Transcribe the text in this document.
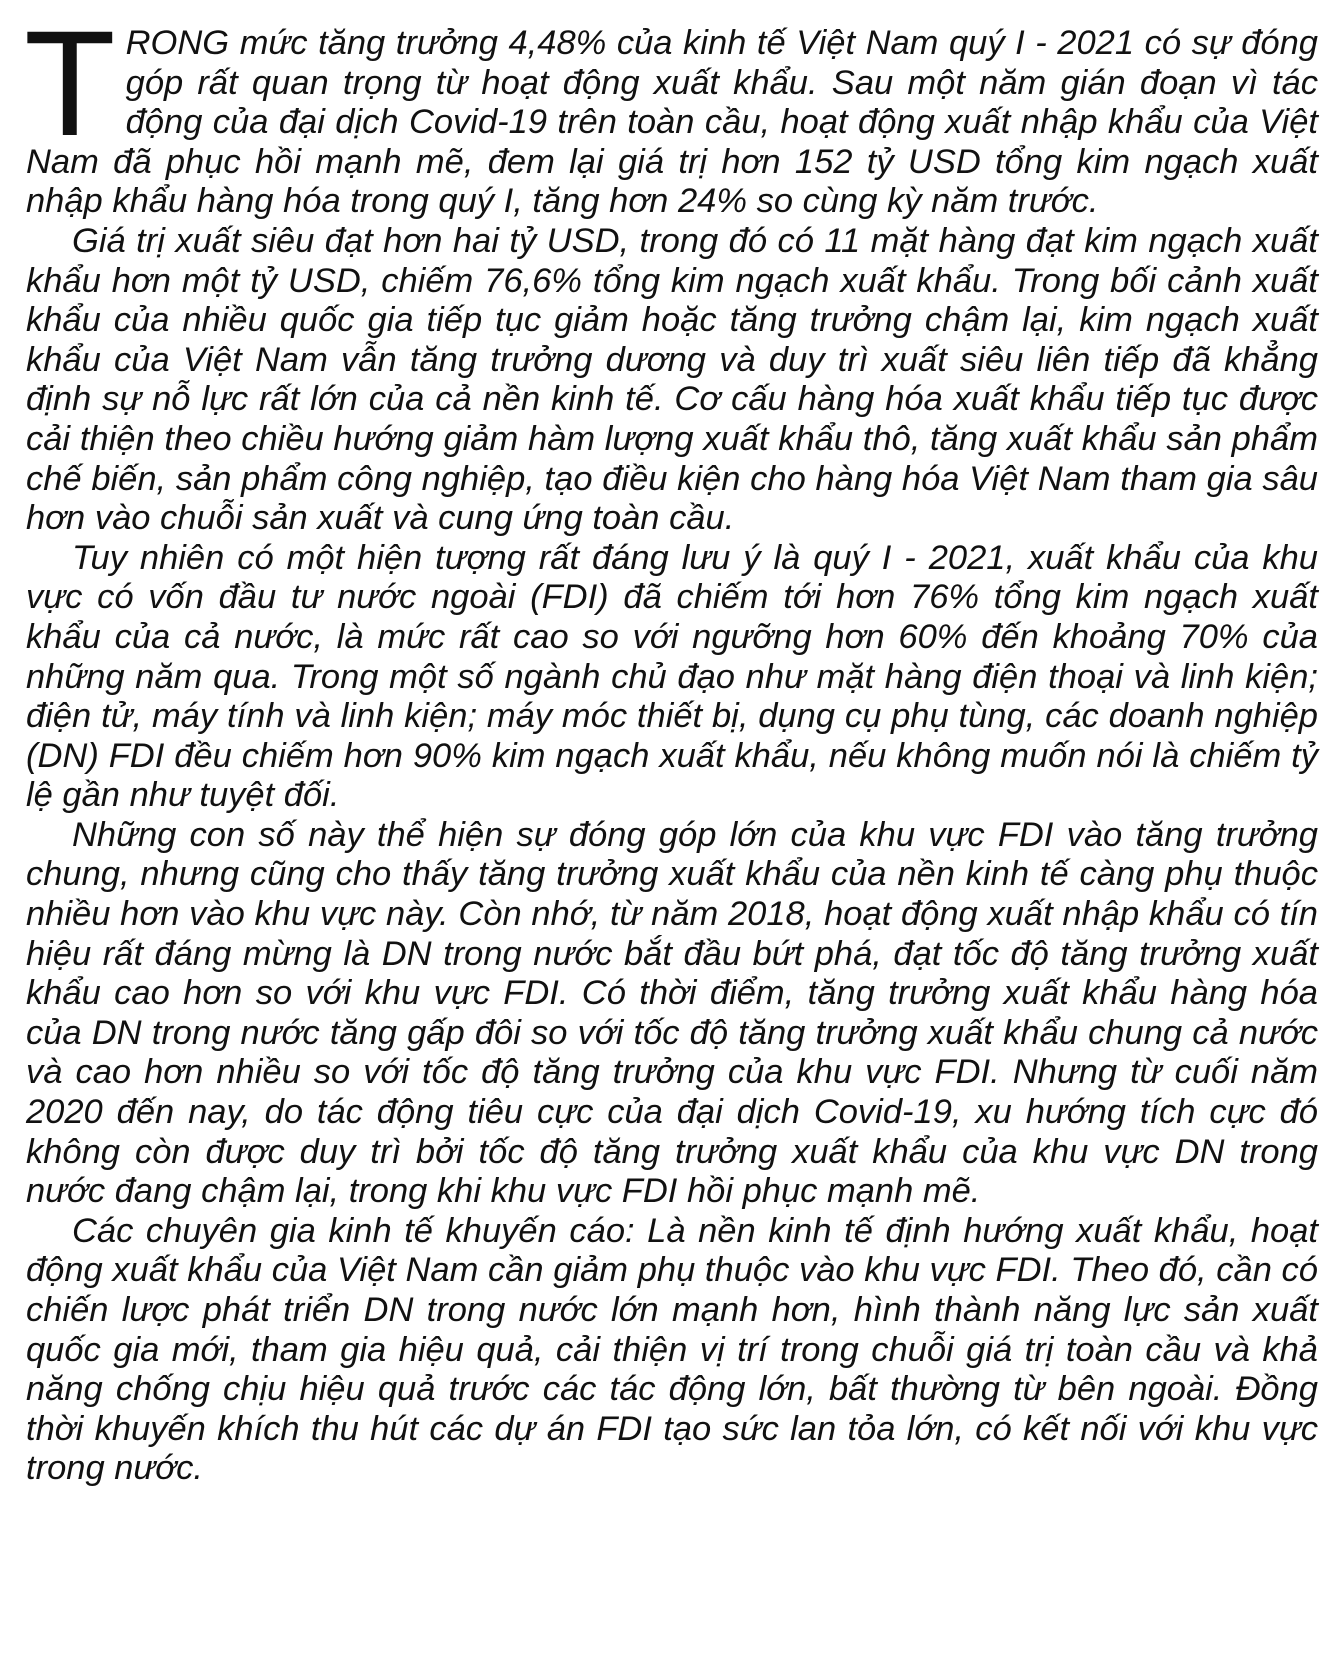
TRONG mức tăng trưởng 4,48% của kinh tế Việt Nam quý I - 2021 có sự đóng góp rất quan trọng từ hoạt động xuất khẩu. Sau một năm gián đoạn vì tác động của đại dịch Covid-19 trên toàn cầu, hoạt động xuất nhập khẩu của Việt Nam đã phục hồi mạnh mẽ, đem lại giá trị hơn 152 tỷ USD tổng kim ngạch xuất nhập khẩu hàng hóa trong quý I, tăng hơn 24% so cùng kỳ năm trước.

Giá trị xuất siêu đạt hơn hai tỷ USD, trong đó có 11 mặt hàng đạt kim ngạch xuất khẩu hơn một tỷ USD, chiếm 76,6% tổng kim ngạch xuất khẩu. Trong bối cảnh xuất khẩu của nhiều quốc gia tiếp tục giảm hoặc tăng trưởng chậm lại, kim ngạch xuất khẩu của Việt Nam vẫn tăng trưởng dương và duy trì xuất siêu liên tiếp đã khẳng định sự nỗ lực rất lớn của cả nền kinh tế. Cơ cấu hàng hóa xuất khẩu tiếp tục được cải thiện theo chiều hướng giảm hàm lượng xuất khẩu thô, tăng xuất khẩu sản phẩm chế biến, sản phẩm công nghiệp, tạo điều kiện cho hàng hóa Việt Nam tham gia sâu hơn vào chuỗi sản xuất và cung ứng toàn cầu.

Tuy nhiên có một hiện tượng rất đáng lưu ý là quý I - 2021, xuất khẩu của khu vực có vốn đầu tư nước ngoài (FDI) đã chiếm tới hơn 76% tổng kim ngạch xuất khẩu của cả nước, là mức rất cao so với ngưỡng hơn 60% đến khoảng 70% của những năm qua. Trong một số ngành chủ đạo như mặt hàng điện thoại và linh kiện; điện tử, máy tính và linh kiện; máy móc thiết bị, dụng cụ phụ tùng, các doanh nghiệp (DN) FDI đều chiếm hơn 90% kim ngạch xuất khẩu, nếu không muốn nói là chiếm tỷ lệ gần như tuyệt đối.

Những con số này thể hiện sự đóng góp lớn của khu vực FDI vào tăng trưởng chung, nhưng cũng cho thấy tăng trưởng xuất khẩu của nền kinh tế càng phụ thuộc nhiều hơn vào khu vực này. Còn nhớ, từ năm 2018, hoạt động xuất nhập khẩu có tín hiệu rất đáng mừng là DN trong nước bắt đầu bứt phá, đạt tốc độ tăng trưởng xuất khẩu cao hơn so với khu vực FDI. Có thời điểm, tăng trưởng xuất khẩu hàng hóa của DN trong nước tăng gấp đôi so với tốc độ tăng trưởng xuất khẩu chung cả nước và cao hơn nhiều so với tốc độ tăng trưởng của khu vực FDI. Nhưng từ cuối năm 2020 đến nay, do tác động tiêu cực của đại dịch Covid-19, xu hướng tích cực đó không còn được duy trì bởi tốc độ tăng trưởng xuất khẩu của khu vực DN trong nước đang chậm lại, trong khi khu vực FDI hồi phục mạnh mẽ.

Các chuyên gia kinh tế khuyến cáo: Là nền kinh tế định hướng xuất khẩu, hoạt động xuất khẩu của Việt Nam cần giảm phụ thuộc vào khu vực FDI. Theo đó, cần có chiến lược phát triển DN trong nước lớn mạnh hơn, hình thành năng lực sản xuất quốc gia mới, tham gia hiệu quả, cải thiện vị trí trong chuỗi giá trị toàn cầu và khả năng chống chịu hiệu quả trước các tác động lớn, bất thường từ bên ngoài. Đồng thời khuyến khích thu hút các dự án FDI tạo sức lan tỏa lớn, có kết nối với khu vực trong nước.
